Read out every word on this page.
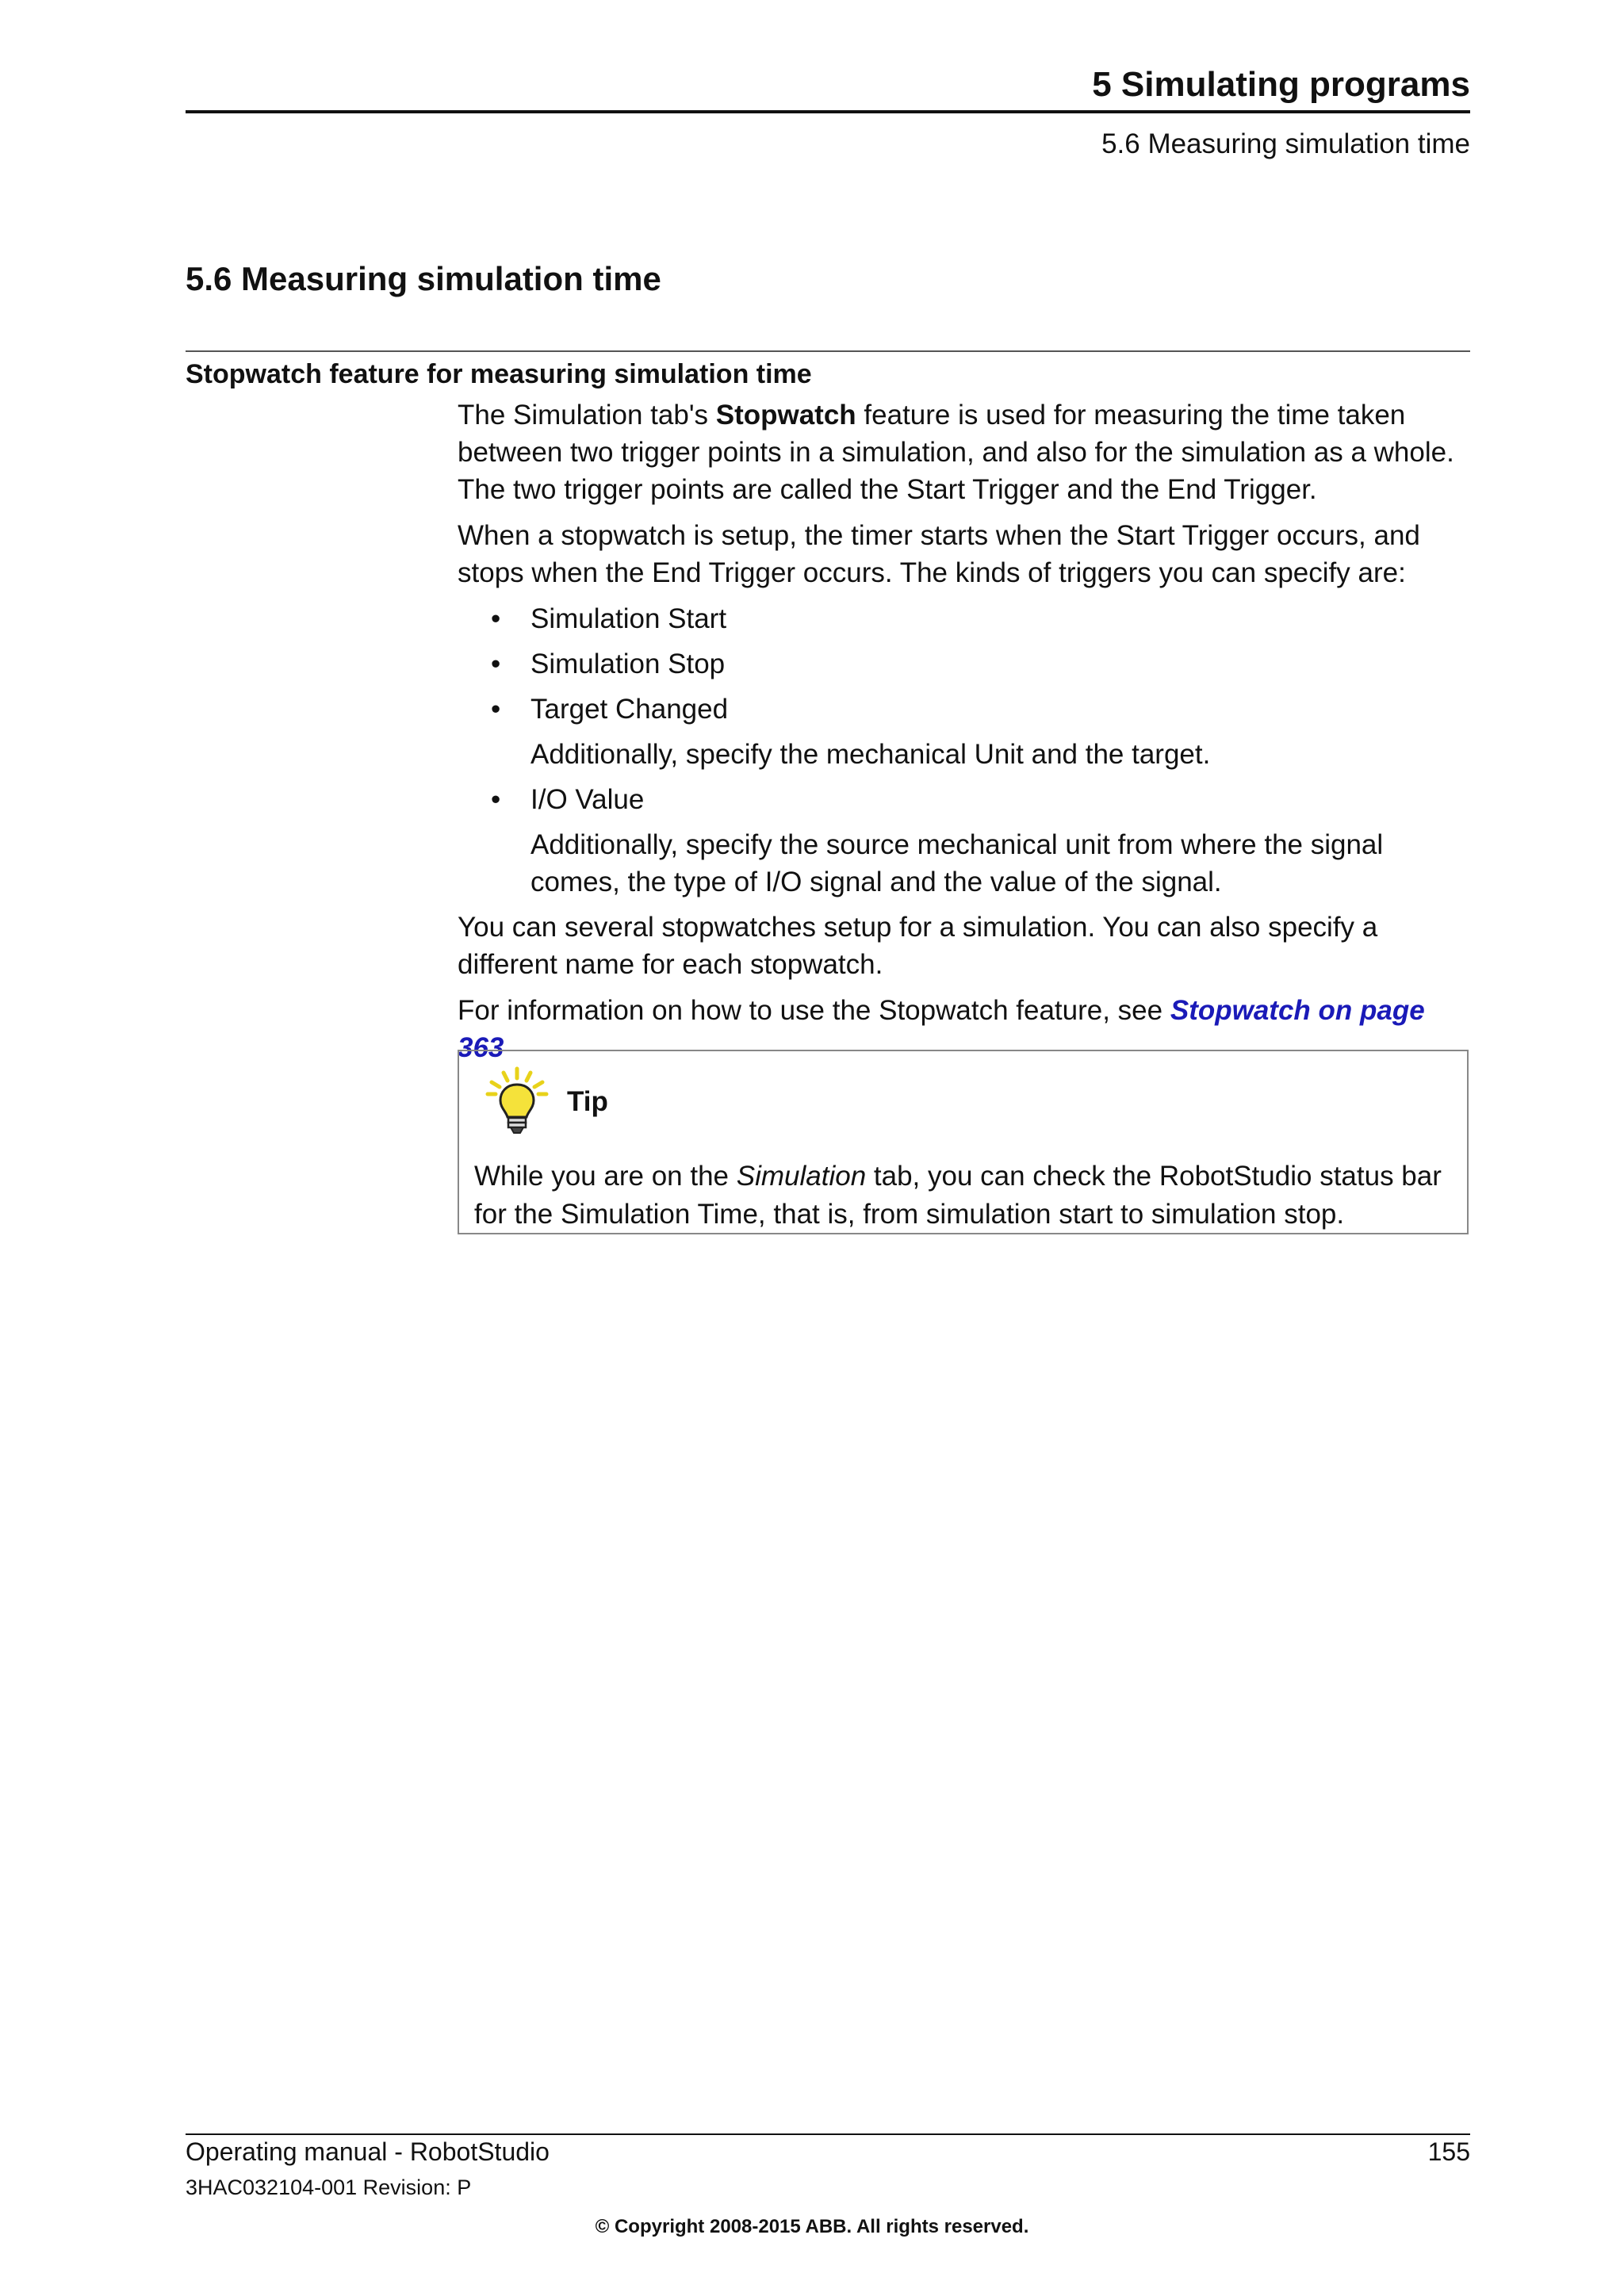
5 Simulating programs
5.6 Measuring simulation time
5.6 Measuring simulation time
Stopwatch feature for measuring simulation time

The Simulation tab's Stopwatch feature is used for measuring the time taken between two trigger points in a simulation, and also for the simulation as a whole. The two trigger points are called the Start Trigger and the End Trigger.

When a stopwatch is setup, the timer starts when the Start Trigger occurs, and stops when the End Trigger occurs. The kinds of triggers you can specify are:

• Simulation Start
• Simulation Stop
• Target Changed
Additionally, specify the mechanical Unit and the target.
• I/O Value
Additionally, specify the source mechanical unit from where the signal comes, the type of I/O signal and the value of the signal.

You can several stopwatches setup for a simulation. You can also specify a different name for each stopwatch.

For information on how to use the Stopwatch feature, see Stopwatch on page 363

Tip
While you are on the Simulation tab, you can check the RobotStudio status bar for the Simulation Time, that is, from simulation start to simulation stop.
Operating manual - RobotStudio	155
3HAC032104-001 Revision: P
© Copyright 2008-2015 ABB. All rights reserved.
